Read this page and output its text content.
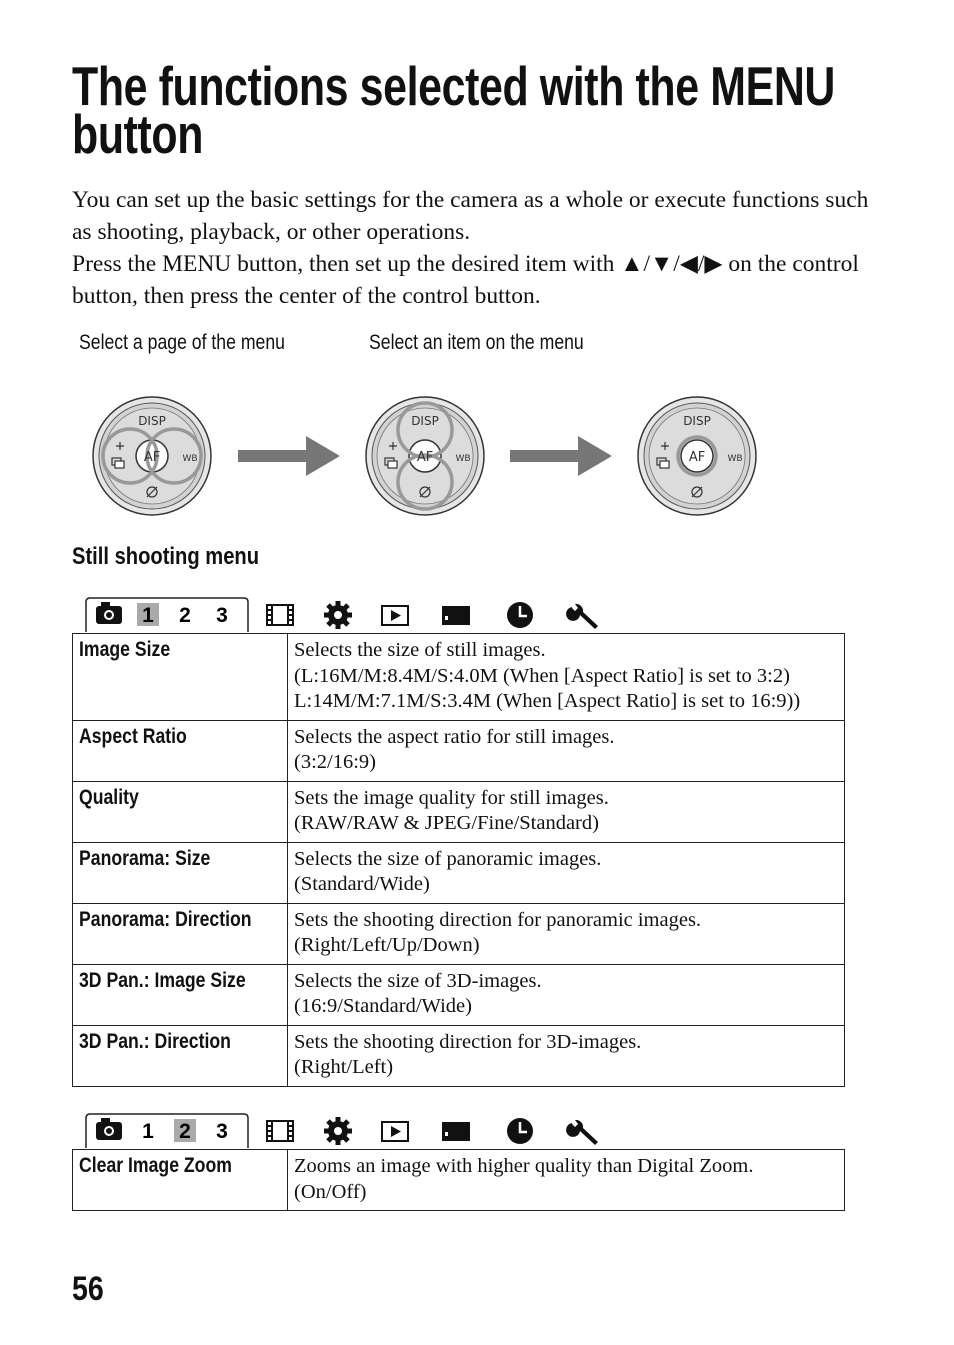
The functions selected with the MENU button

You can set up the basic settings for the camera as a whole or execute functions such as shooting, playback, or other operations.

Press the MENU button, then set up the desired item with ▲/▼/◀/▶ on the control button, then press the center of the control button.

Select a page of the menu	Select an item on the menu
DISP
AF WB
DISP
AF WB
DISP
AF WB
Still shooting menu
1 2 3
Image Size	Selects the size of still images.
(L:16M/M:8.4M/S:4.0M (When [Aspect Ratio] is set to 3:2)
L:14M/M:7.1M/S:3.4M (When [Aspect Ratio] is set to 16:9))

Aspect Ratio	Selects the aspect ratio for still images.
(3:2/16:9)

Quality	Sets the image quality for still images.
(RAW/RAW & JPEG/Fine/Standard)

Panorama: Size	Selects the size of panoramic images.
(Standard/Wide)

Panorama: Direction	Sets the shooting direction for panoramic images.
(Right/Left/Up/Down)

3D Pan.: Image Size	Selects the size of 3D-images.
(16:9/Standard/Wide)

3D Pan.: Direction	Sets the shooting direction for 3D-images.
(Right/Left)
1 2 3
Clear Image Zoom	Zooms an image with higher quality than Digital Zoom.
(On/Off)
56
